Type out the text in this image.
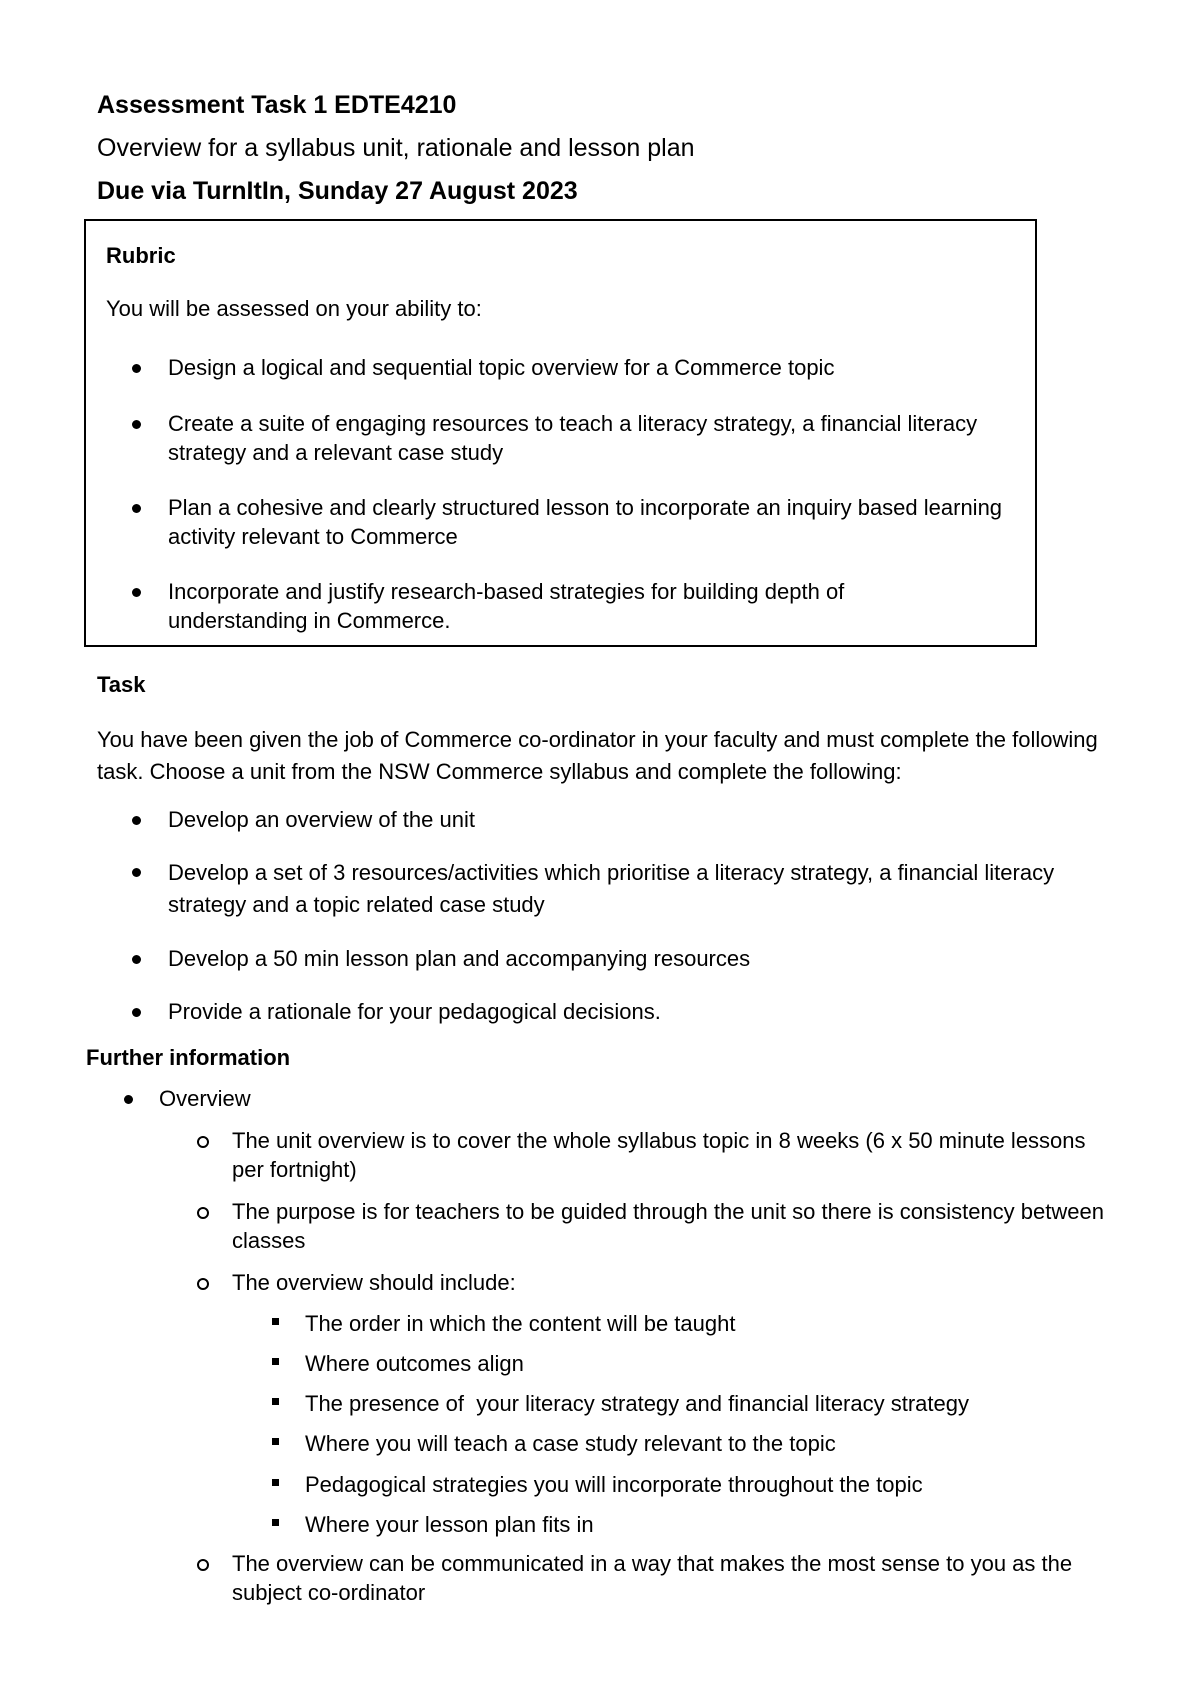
Assessment Task 1 EDTE4210
Overview for a syllabus unit, rationale and lesson plan
Due via TurnItIn, Sunday 27 August 2023
Rubric

You will be assessed on your ability to:

Design a logical and sequential topic overview for a Commerce topic

Create a suite of engaging resources to teach a literacy strategy, a financial literacy strategy and a relevant case study

Plan a cohesive and clearly structured lesson to incorporate an inquiry based learning activity relevant to Commerce

Incorporate and justify research-based strategies for building depth of understanding in Commerce.

Task

You have been given the job of Commerce co-ordinator in your faculty and must complete the following task. Choose a unit from the NSW Commerce syllabus and complete the following:

Develop an overview of the unit

Develop a set of 3 resources/activities which prioritise a literacy strategy, a financial literacy strategy and a topic related case study

Develop a 50 min lesson plan and accompanying resources

Provide a rationale for your pedagogical decisions.

Further information

Overview

The unit overview is to cover the whole syllabus topic in 8 weeks (6 x 50 minute lessons per fortnight)

The purpose is for teachers to be guided through the unit so there is consistency between classes

The overview should include:

The order in which the content will be taught

Where outcomes align

The presence of  your literacy strategy and financial literacy strategy

Where you will teach a case study relevant to the topic

Pedagogical strategies you will incorporate throughout the topic

Where your lesson plan fits in

The overview can be communicated in a way that makes the most sense to you as the subject co-ordinator
